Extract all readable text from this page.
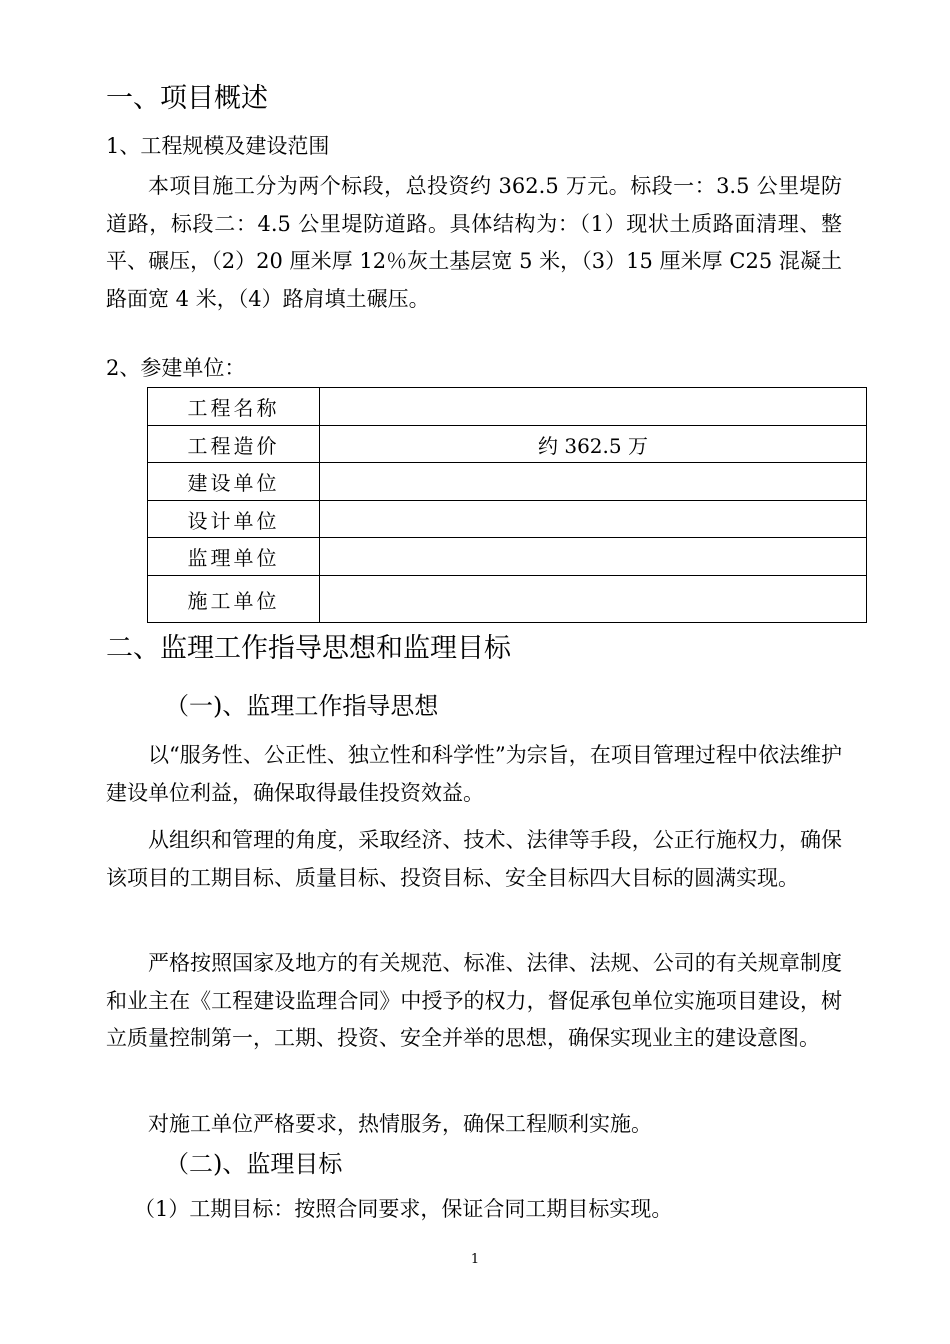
一、项目概述
1、工程规模及建设范围

本项目施工分为两个标段，总投资约 362.5 万元。标段一：3.5 公里堤防道路，标段二：4.5 公里堤防道路。具体结构为：（1）现状土质路面清理、整平、碾压，（2）20 厘米厚 12％灰土基层宽 5 米，（3）15 厘米厚 C25 混凝土路面宽 4 米，（4）路肩填土碾压。

2、参建单位：
工程名称	
工程造价	约 362.5 万
建设单位	
设计单位	
监理单位	
施工单位	
二、监理工作指导思想和监理目标
（一)、监理工作指导思想

以“服务性、公正性、独立性和科学性”为宗旨，在项目管理过程中依法维护建设单位利益，确保取得最佳投资效益。

从组织和管理的角度，采取经济、技术、法律等手段，公正行施权力，确保该项目的工期目标、质量目标、投资目标、安全目标四大目标的圆满实现。

严格按照国家及地方的有关规范、标准、法律、法规、公司的有关规章制度和业主在《工程建设监理合同》中授予的权力，督促承包单位实施项目建设，树立质量控制第一，工期、投资、安全并举的思想，确保实现业主的建设意图。

对施工单位严格要求，热情服务，确保工程顺利实施。

（二)、监理目标
（1）工期目标：按照合同要求，保证合同工期目标实现。
1
